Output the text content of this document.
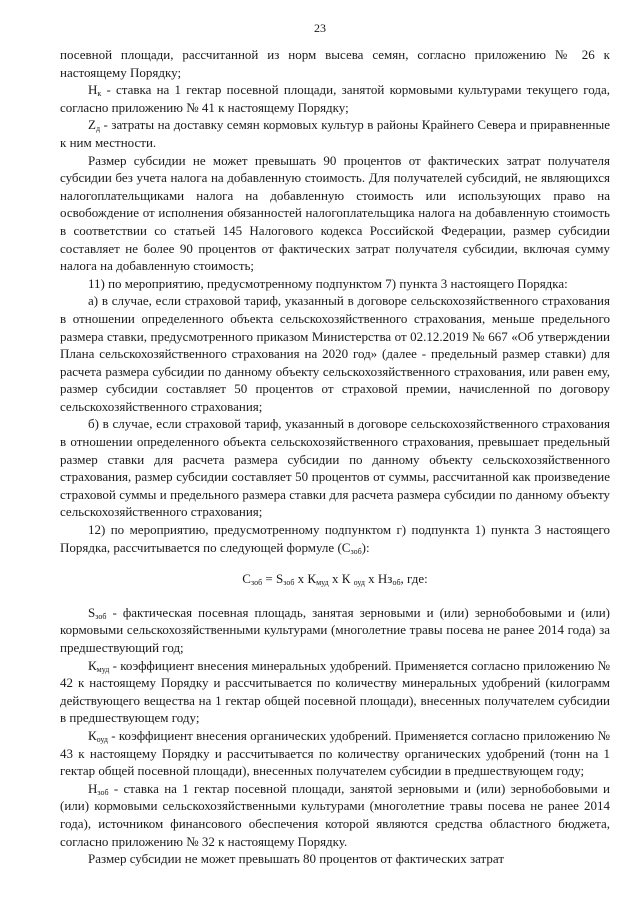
23

посевной площади, рассчитанной из норм высева семян, согласно приложению № 26 к настоящему Порядку;

$Н_к$ - ставка на 1 гектар посевной площади, занятой кормовыми культурами текущего года, согласно приложению № 41 к настоящему Порядку;

$Z_д$ - затраты на доставку семян кормовых культур в районы Крайнего Севера и приравненные к ним местности.

Размер субсидии не может превышать 90 процентов от фактических затрат получателя субсидии без учета налога на добавленную стоимость. Для получателей субсидий, не являющихся налогоплательщиками налога на добавленную стоимость или использующих право на освобождение от исполнения обязанностей налогоплательщика налога на добавленную стоимость в соответствии со статьей 145 Налогового кодекса Российской Федерации, размер субсидии составляет не более 90 процентов от фактических затрат получателя субсидии, включая сумму налога на добавленную стоимость;

11) по мероприятию, предусмотренному подпунктом 7) пункта 3 настоящего Порядка:

а) в случае, если страховой тариф, указанный в договоре сельскохозяйственного страхования в отношении определенного объекта сельскохозяйственного страхования, меньше предельного размера ставки, предусмотренного приказом Министерства от 02.12.2019 № 667 «Об утверждении Плана сельскохозяйственного страхования на 2020 год» (далее - предельный размер ставки) для расчета размера субсидии по данному объекту сельскохозяйственного страхования, или равен ему, размер субсидии составляет 50 процентов от страховой премии, начисленной по договору сельскохозяйственного страхования;

б) в случае, если страховой тариф, указанный в договоре сельскохозяйственного страхования в отношении определенного объекта сельскохозяйственного страхования, превышает предельный размер ставки для расчета размера субсидии по данному объекту сельскохозяйственного страхования, размер субсидии составляет 50 процентов от суммы, рассчитанной как произведение страховой суммы и предельного размера ставки для расчета размера субсидии по данному объекту сельскохозяйственного страхования;

12) по мероприятию, предусмотренному подпунктом г) подпункта 1) пункта 3 настоящего Порядка, рассчитывается по следующей формуле $(С_{зоб})$:

$С_{зоб} = S_{зоб}$ x $К_{муд}$ x К $_{оуд}$ x $Нз_{об}$, где:

$S_{зоб}$ - фактическая посевная площадь, занятая зерновыми и (или) зернобобовыми и (или) кормовыми сельскохозяйственными культурами (многолетние травы посева не ранее 2014 года) за предшествующий год;

$К_{муд}$ - коэффициент внесения минеральных удобрений. Применяется согласно приложению № 42 к настоящему Порядку и рассчитывается по количеству минеральных удобрений (килограмм действующего вещества на 1 гектар общей посевной площади), внесенных получателем субсидии в предшествующем году;

$К_{оуд}$ - коэффициент внесения органических удобрений. Применяется согласно приложению № 43 к настоящему Порядку и рассчитывается по количеству органических удобрений (тонн на 1 гектар общей посевной площади), внесенных получателем субсидии в предшествующем году;

$Н_{зоб}$ - ставка на 1 гектар посевной площади, занятой зерновыми и (или) зернобобовыми и (или) кормовыми сельскохозяйственными культурами (многолетние травы посева не ранее 2014 года), источником финансового обеспечения которой являются средства областного бюджета, согласно приложению № 32 к настоящему Порядку.

Размер субсидии не может превышать 80 процентов от фактических затрат
